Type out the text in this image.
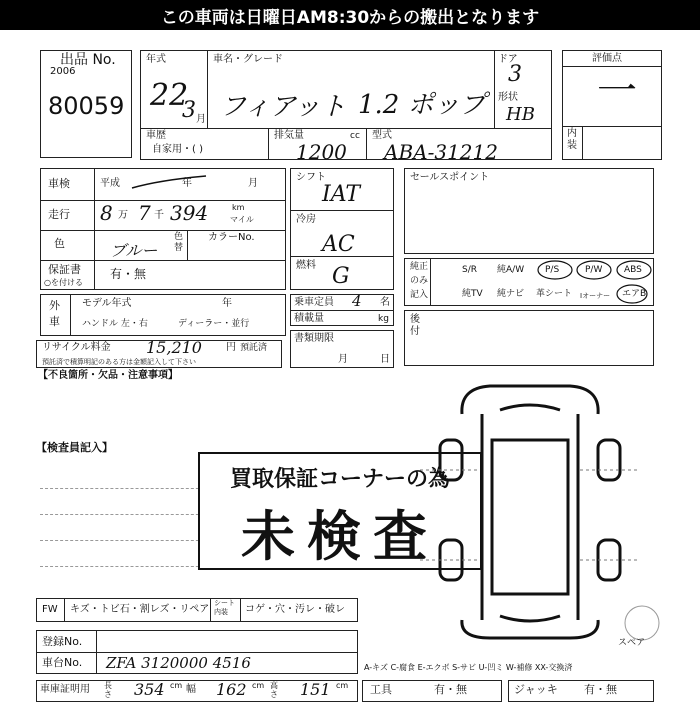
この車両は日曜日AM8:30からの搬出となります
出品 No.
2006
80059
年式
22
3 月
車名・グレード
フィアット 1.2 ポップ
ドア
3
形状
HB
車歴
自家用・( )
排気量	cc
1200
型式
ABA-31212
評価点
一
内装
車検	平成	年	月
走行 8 万 7 千 394	km
マイル
色	ブルー
色替
カラーNo.
保証書
○を付ける
有・無
外車
モデル年式	年
ハンドル 左・右	ディーラー・並行
リサイクル料金 15,210 円 預託済
預託済で積算明記のある方は金額記入して下さい
【不良箇所・欠品・注意事項】
シフト
IAT
冷房
AC
燃料 G
乗車定員 4 名
積載量	kg
書類期限
月	日
セールスポイント
純正のみ記入
S/R 純A/W P/S	P/W ABS
純TV 純ナビ 革シート Iオーナー エアB
後付
【検査員記入】
買取保証コーナーの為
未検査
スペア
FW キズ・トビ石・割レズ・リペア
シート内装	コゲ・穴・汚レ・破レ
登録No.
車台No. ZFA 3120000 4516	A-キズ C-腐食 E-エクボ S-サビ U-凹ミ W-補修 XX-交換済
車庫証明用 長さ 354 cm 幅 162 cm 高さ 151 cm 工具	有・無	ジャッキ 有・無
